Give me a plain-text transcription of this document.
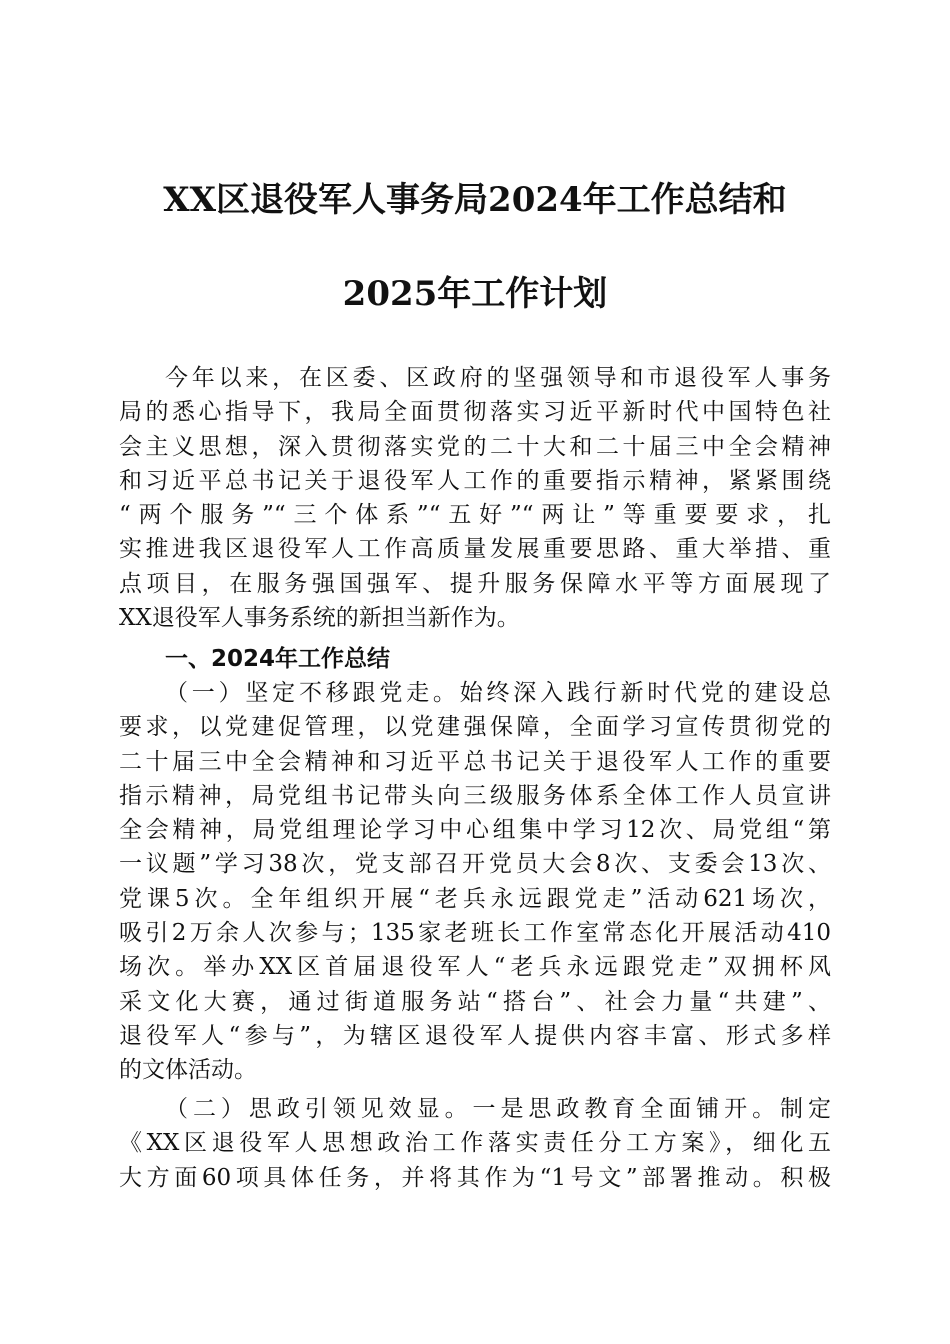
XX区退役军人事务局2024年工作总结和
2025年工作计划
今年以来，在区委、区政府的坚强领导和市退役军人事务
局的悉心指导下，我局全面贯彻落实习近平新时代中国特色社
会主义思想，深入贯彻落实党的二十大和二十届三中全会精神
和习近平总书记关于退役军人工作的重要指示精神，紧紧围绕
“两个服务”“三个体系”“五好”“两让”等重要要求，扎
实推进我区退役军人工作高质量发展重要思路、重大举措、重
点项目，在服务强国强军、提升服务保障水平等方面展现了
XX退役军人事务系统的新担当新作为。
一、2024年工作总结
（一）坚定不移跟党走。始终深入践行新时代党的建设总
要求，以党建促管理，以党建强保障，全面学习宣传贯彻党的
二十届三中全会精神和习近平总书记关于退役军人工作的重要
指示精神，局党组书记带头向三级服务体系全体工作人员宣讲
全会精神，局党组理论学习中心组集中学习12次、局党组“第
一议题”学习38次，党支部召开党员大会8次、支委会13次、
党课5次。全年组织开展“老兵永远跟党走”活动621场次，
吸引2万余人次参与；135家老班长工作室常态化开展活动410
场次。举办XX区首届退役军人“老兵永远跟党走”双拥杯风
采文化大赛，通过街道服务站“搭台”、社会力量“共建”、
退役军人“参与”，为辖区退役军人提供内容丰富、形式多样
的文体活动。
（二）思政引领见效显。一是思政教育全面铺开。制定
《XX区退役军人思想政治工作落实责任分工方案》，细化五
大方面60项具体任务，并将其作为“1号文”部署推动。积极
